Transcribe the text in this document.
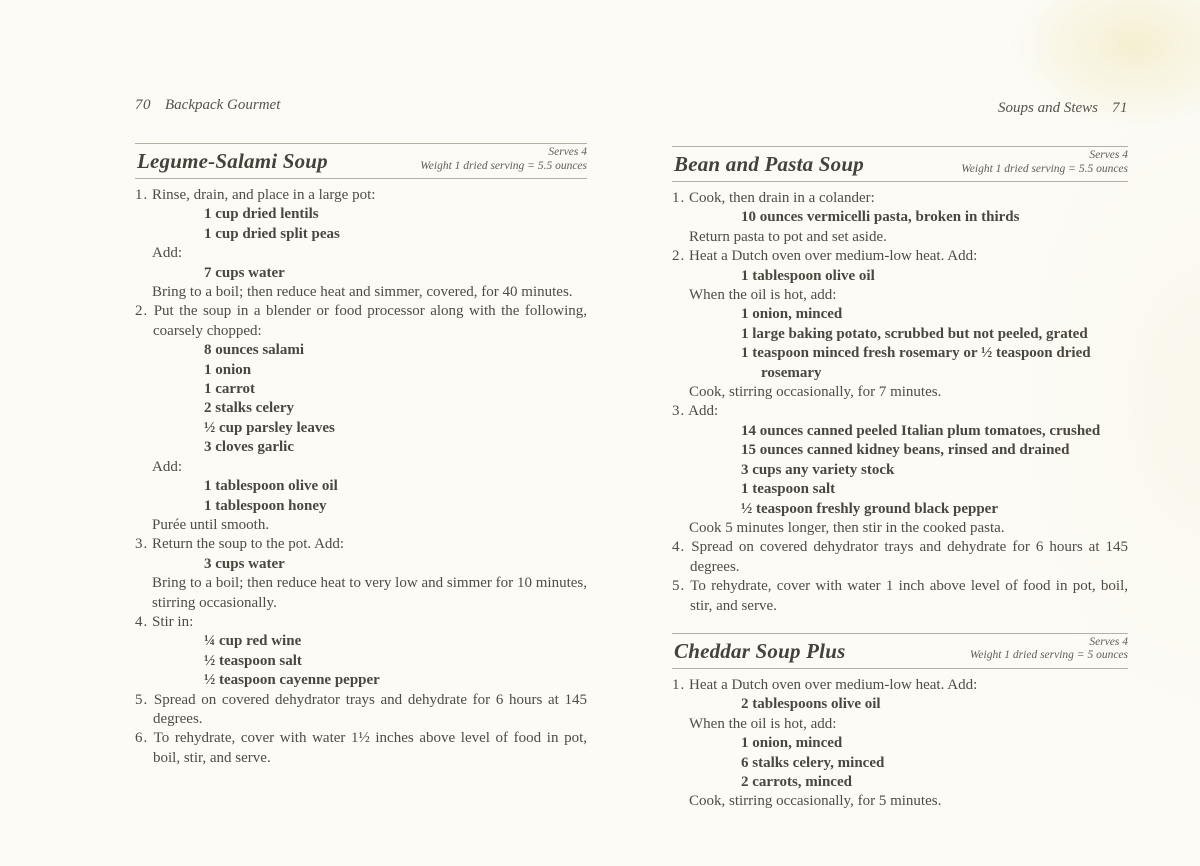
70 Backpack Gourmet
Legume-Salami Soup	Serves 4
Weight 1 dried serving = 5.5 ounces
1. Rinse, drain, and place in a large pot:
1 cup dried lentils
1 cup dried split peas
Add:
7 cups water
Bring to a boil; then reduce heat and simmer, covered, for 40 minutes.
2. Put the soup in a blender or food processor along with the following, coarsely chopped:
8 ounces salami
1 onion
1 carrot
2 stalks celery
½ cup parsley leaves
3 cloves garlic
Add:
1 tablespoon olive oil
1 tablespoon honey
Purée until smooth.
3. Return the soup to the pot. Add:
3 cups water
Bring to a boil; then reduce heat to very low and simmer for 10 minutes, stirring occasionally.
4. Stir in:
¼ cup red wine
½ teaspoon salt
½ teaspoon cayenne pepper
5. Spread on covered dehydrator trays and dehydrate for 6 hours at 145 degrees.
6. To rehydrate, cover with water 1½ inches above level of food in pot, boil, stir, and serve.
Soups and Stews 71
Bean and Pasta Soup	Serves 4
Weight 1 dried serving = 5.5 ounces
1. Cook, then drain in a colander:
10 ounces vermicelli pasta, broken in thirds
Return pasta to pot and set aside.
2. Heat a Dutch oven over medium-low heat. Add:
1 tablespoon olive oil
When the oil is hot, add:
1 onion, minced
1 large baking potato, scrubbed but not peeled, grated
1 teaspoon minced fresh rosemary or ½ teaspoon dried rosemary
Cook, stirring occasionally, for 7 minutes.
3. Add:
14 ounces canned peeled Italian plum tomatoes, crushed
15 ounces canned kidney beans, rinsed and drained
3 cups any variety stock
1 teaspoon salt
½ teaspoon freshly ground black pepper
Cook 5 minutes longer, then stir in the cooked pasta.
4. Spread on covered dehydrator trays and dehydrate for 6 hours at 145 degrees.
5. To rehydrate, cover with water 1 inch above level of food in pot, boil, stir, and serve.
Cheddar Soup Plus	Serves 4
Weight 1 dried serving = 5 ounces
1. Heat a Dutch oven over medium-low heat. Add:
2 tablespoons olive oil
When the oil is hot, add:
1 onion, minced
6 stalks celery, minced
2 carrots, minced
Cook, stirring occasionally, for 5 minutes.
